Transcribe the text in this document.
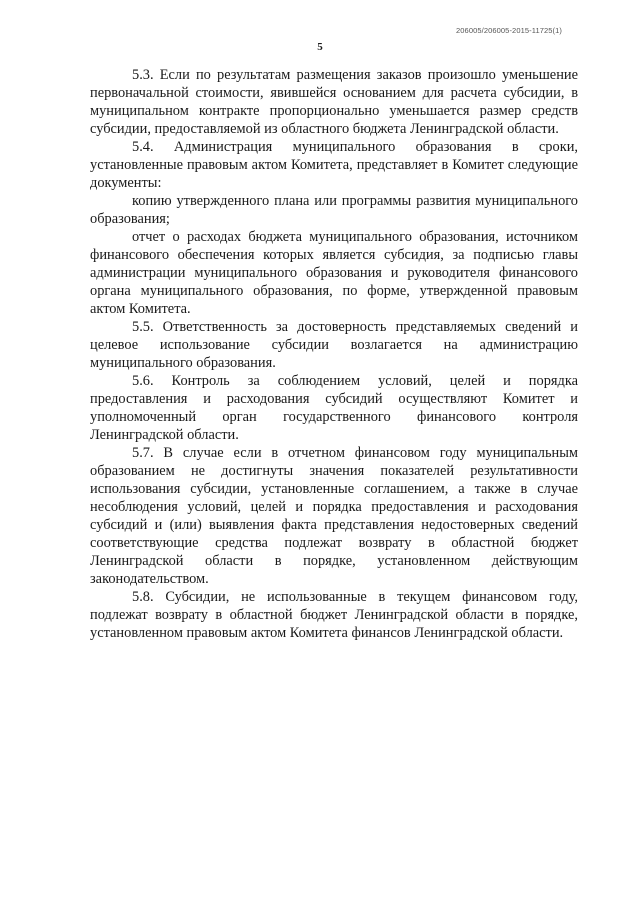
206005/206005-2015-11725(1)
5

5.3. Если по результатам размещения заказов произошло уменьшение первоначальной стоимости, явившейся основанием для расчета субсидии, в муниципальном контракте пропорционально уменьшается размер средств субсидии, предоставляемой из областного бюджета Ленинградской области.

5.4. Администрация муниципального образования в сроки, установленные правовым актом Комитета, представляет в Комитет следующие документы:

копию утвержденного плана или программы развития муниципального образования;

отчет о расходах бюджета муниципального образования, источником финансового обеспечения которых является субсидия, за подписью главы администрации муниципального образования и руководителя финансового органа муниципального образования, по форме, утвержденной правовым актом Комитета.

5.5. Ответственность за достоверность представляемых сведений и целевое использование субсидии возлагается на администрацию муниципального образования.

5.6. Контроль за соблюдением условий, целей и порядка предоставления и расходования субсидий осуществляют Комитет и уполномоченный орган государственного финансового контроля Ленинградской области.

5.7. В случае если в отчетном финансовом году муниципальным образованием не достигнуты значения показателей результативности использования субсидии, установленные соглашением, а также в случае несоблюдения условий, целей и порядка предоставления и расходования субсидий и (или) выявления факта представления недостоверных сведений соответствующие средства подлежат возврату в областной бюджет Ленинградской области в порядке, установленном действующим законодательством.

5.8. Субсидии, не использованные в текущем финансовом году, подлежат возврату в областной бюджет Ленинградской области в порядке, установленном правовым актом Комитета финансов Ленинградской области.
